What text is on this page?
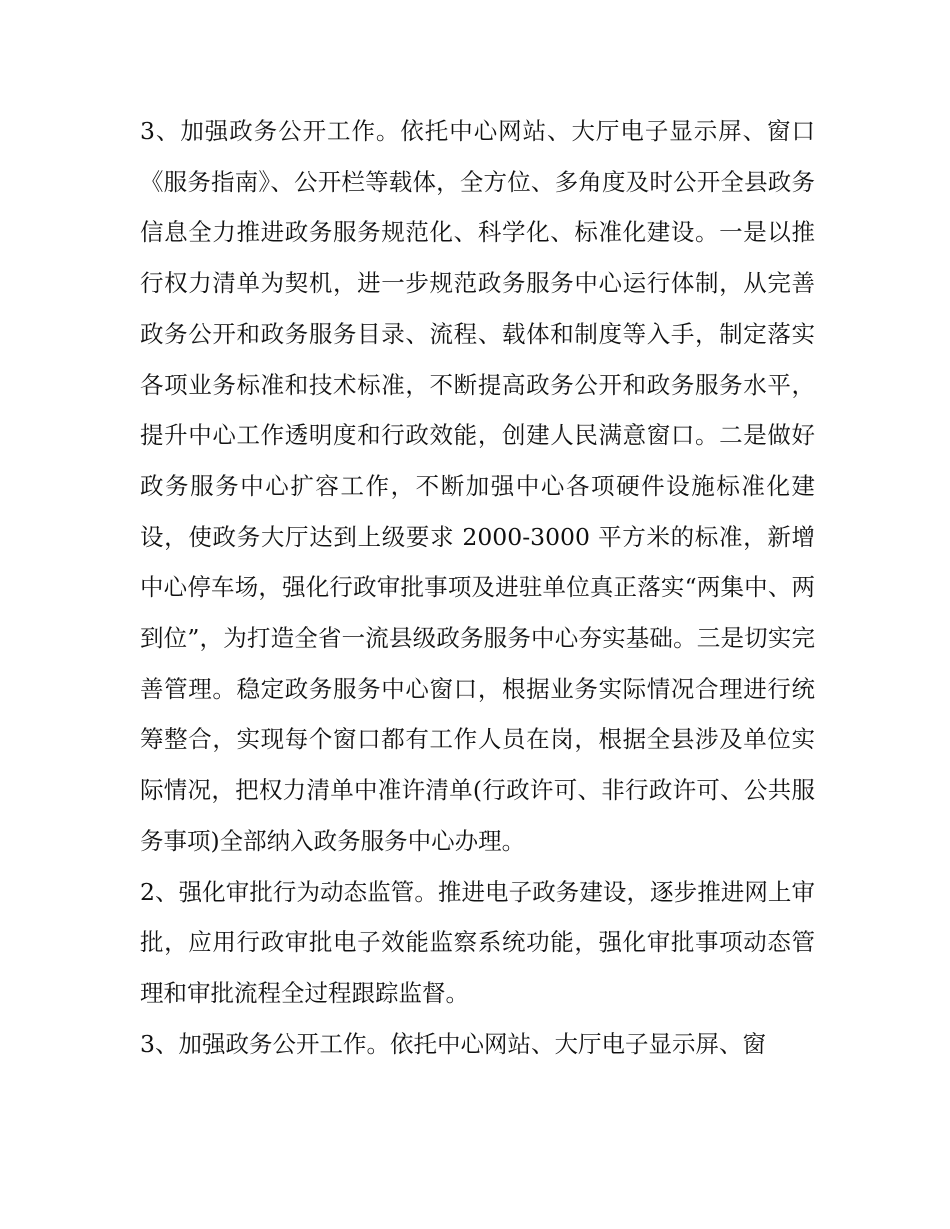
3、加强政务公开工作。依托中心网站、大厅电子显示屏、窗口《服务指南》、公开栏等载体，全方位、多角度及时公开全县政务信息全力推进政务服务规范化、科学化、标准化建设。一是以推行权力清单为契机，进一步规范政务服务中心运行体制，从完善政务公开和政务服务目录、流程、载体和制度等入手，制定落实各项业务标准和技术标准，不断提高政务公开和政务服务水平，提升中心工作透明度和行政效能，创建人民满意窗口。二是做好政务服务中心扩容工作，不断加强中心各项硬件设施标准化建设，使政务大厅达到上级要求 2000-3000 平方米的标准，新增中心停车场，强化行政审批事项及进驻单位真正落实“两集中、两到位”，为打造全省一流县级政务服务中心夯实基础。三是切实完善管理。稳定政务服务中心窗口，根据业务实际情况合理进行统筹整合，实现每个窗口都有工作人员在岗，根据全县涉及单位实际情况，把权力清单中准许清单(行政许可、非行政许可、公共服务事项)全部纳入政务服务中心办理。

2、强化审批行为动态监管。推进电子政务建设，逐步推进网上审批，应用行政审批电子效能监察系统功能，强化审批事项动态管理和审批流程全过程跟踪监督。

3、加强政务公开工作。依托中心网站、大厅电子显示屏、窗
